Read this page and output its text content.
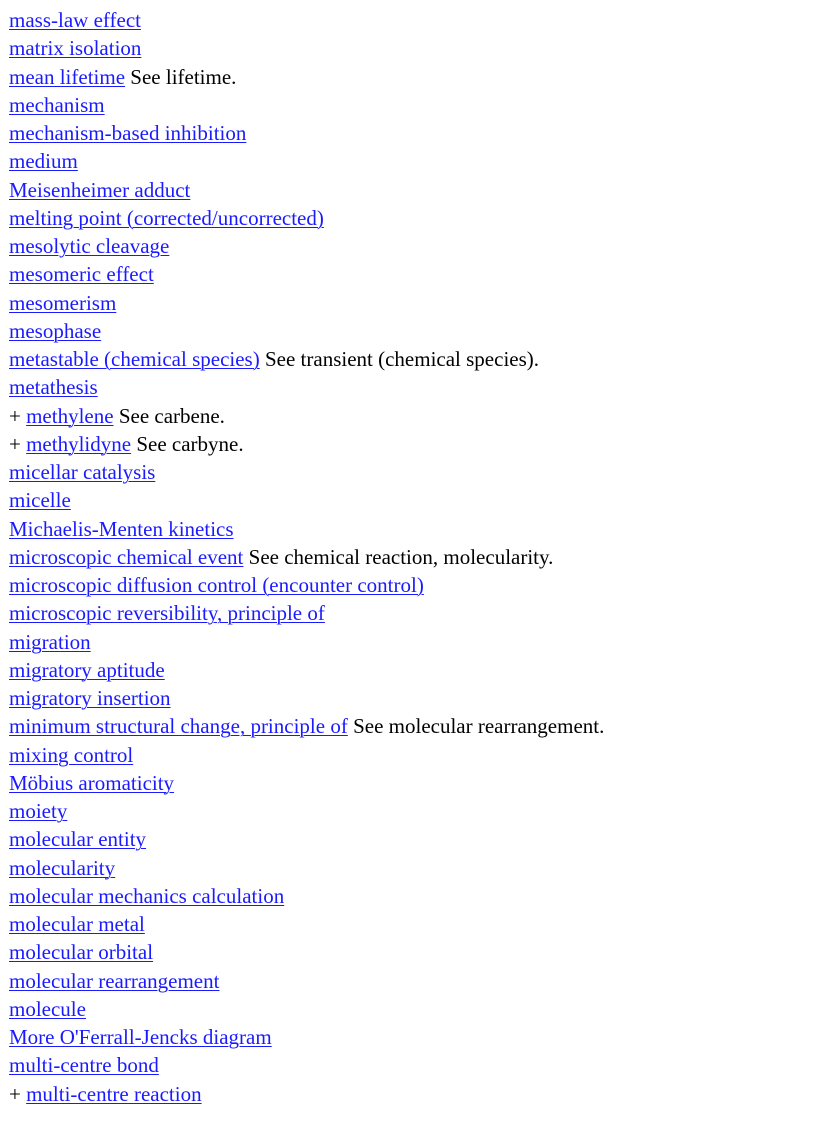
mass-law effect
matrix isolation
mean lifetime See lifetime.
mechanism
mechanism-based inhibition
medium
Meisenheimer adduct
melting point (corrected/uncorrected)
mesolytic cleavage
mesomeric effect
mesomerism
mesophase
metastable (chemical species) See transient (chemical species).
metathesis
+ methylene See carbene.
+ methylidyne See carbyne.
micellar catalysis
micelle
Michaelis-Menten kinetics
microscopic chemical event See chemical reaction, molecularity.
microscopic diffusion control (encounter control)
microscopic reversibility, principle of
migration
migratory aptitude
migratory insertion
minimum structural change, principle of See molecular rearrangement.
mixing control
Möbius aromaticity
moiety
molecular entity
molecularity
molecular mechanics calculation
molecular metal
molecular orbital
molecular rearrangement
molecule
More O'Ferrall-Jencks diagram
multi-centre bond
+ multi-centre reaction
